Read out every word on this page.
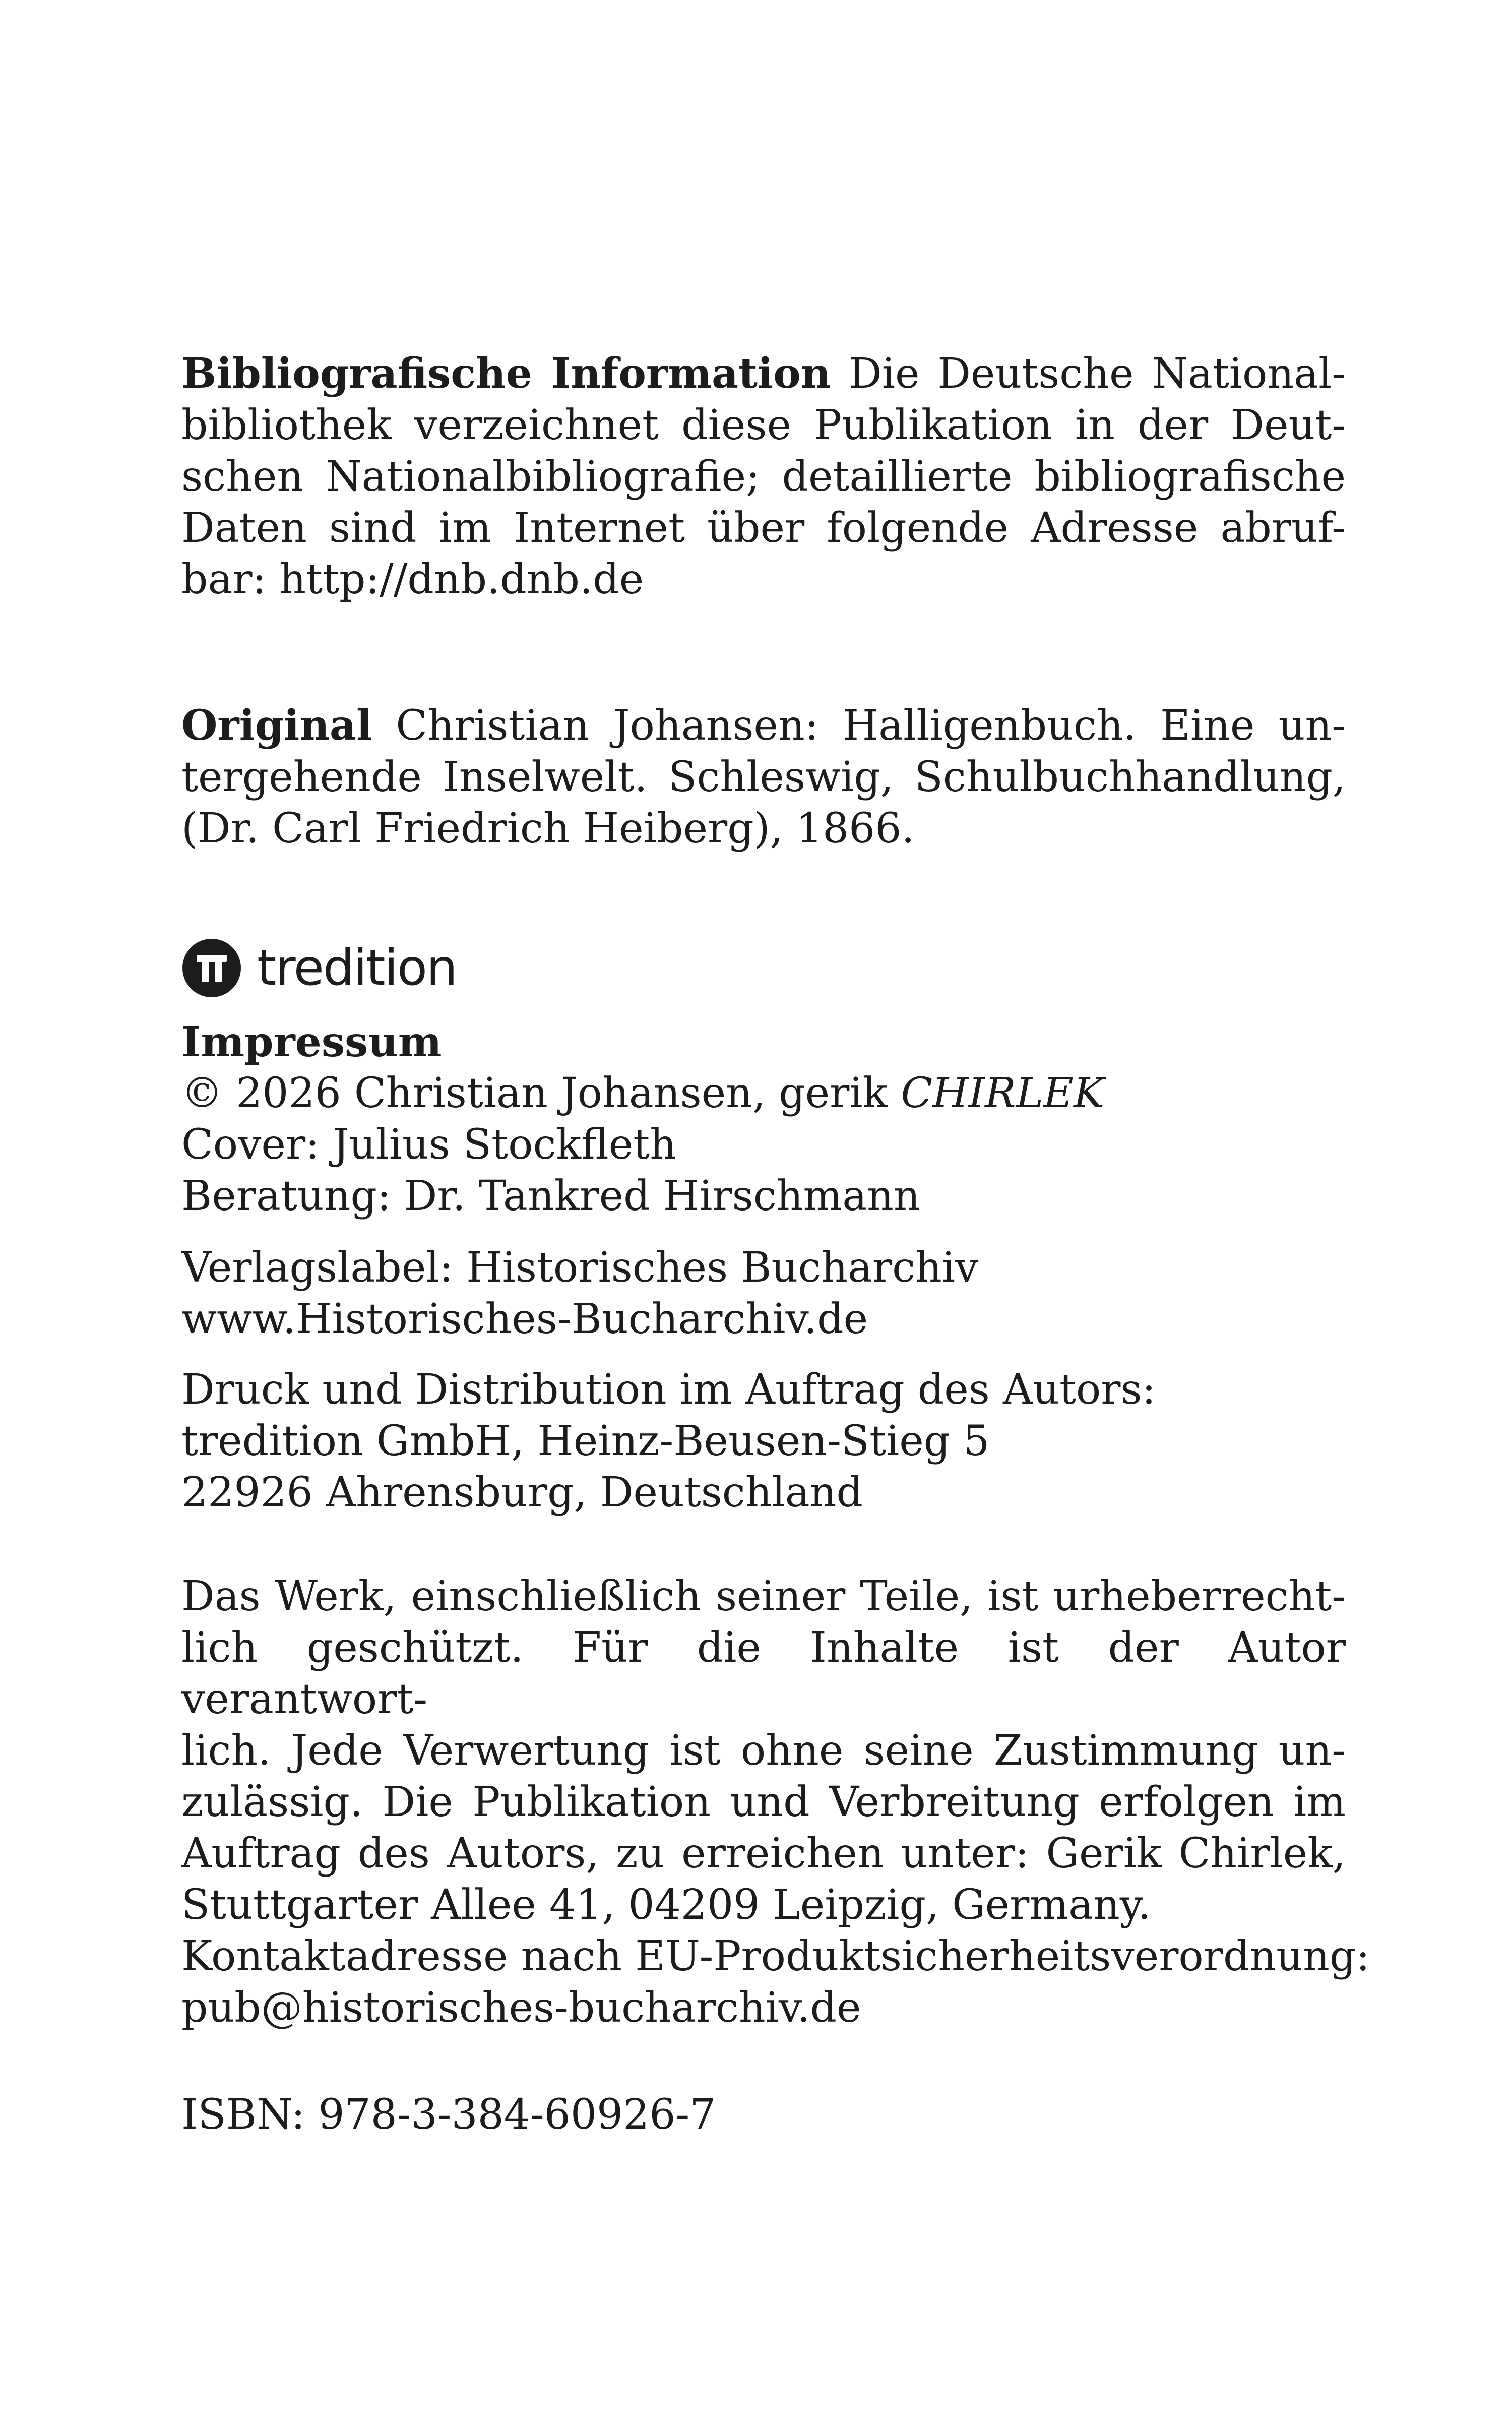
Bibliografische Information Die Deutsche National-
bibliothek verzeichnet diese Publikation in der Deut-
schen Nationalbibliografie; detaillierte bibliografische
Daten sind im Internet über folgende Adresse abruf-
bar: http://dnb.dnb.de
Original Christian Johansen: Halligenbuch. Eine un-
tergehende Inselwelt. Schleswig, Schulbuchhandlung,
(Dr. Carl Friedrich Heiberg), 1866.
tredition
Impressum
© 2026 Christian Johansen, gerik CHIRLEK
Cover: Julius Stockfleth
Beratung: Dr. Tankred Hirschmann
Verlagslabel: Historisches Bucharchiv
www.Historisches-Bucharchiv.de
Druck und Distribution im Auftrag des Autors:
tredition GmbH, Heinz-Beusen-Stieg 5
22926 Ahrensburg, Deutschland
Das Werk, einschließlich seiner Teile, ist urheberrecht-
lich geschützt. Für die Inhalte ist der Autor verantwort-
lich. Jede Verwertung ist ohne seine Zustimmung un-
zulässig. Die Publikation und Verbreitung erfolgen im
Auftrag des Autors, zu erreichen unter: Gerik Chirlek,
Stuttgarter Allee 41, 04209 Leipzig, Germany.
Kontaktadresse nach EU-Produktsicherheitsverordnung:
pub@historisches-bucharchiv.de
ISBN: 978-3-384-60926-7
